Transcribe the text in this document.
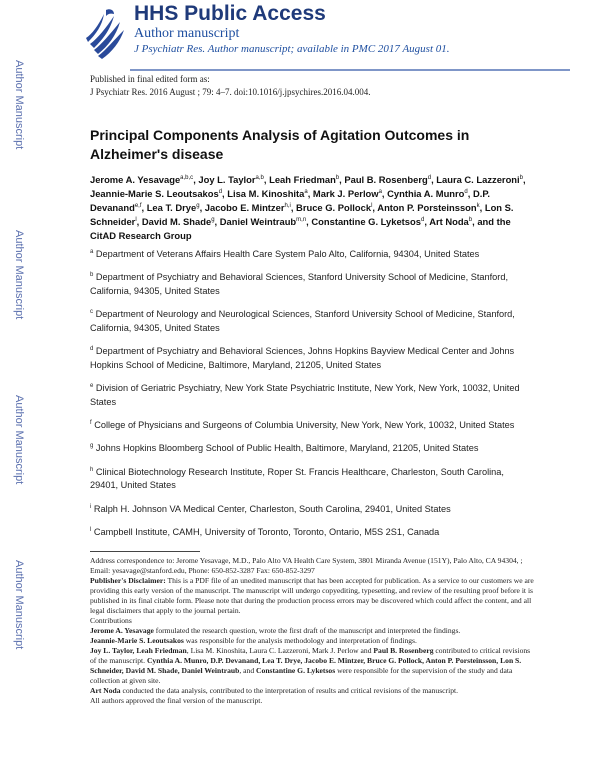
Author Manuscript
Author Manuscript
Author Manuscript
Author Manuscript
HHS Public Access
Author manuscript
J Psychiatr Res. Author manuscript; available in PMC 2017 August 01.
Published in final edited form as:
J Psychiatr Res. 2016 August ; 79: 4–7. doi:10.1016/j.jpsychires.2016.04.004.
Principal Components Analysis of Agitation Outcomes in Alzheimer's disease
Jerome A. Yesavage$^{a,b,c}$, Joy L. Taylor$^{a,b}$, Leah Friedman$^b$, Paul B. Rosenberg$^d$, Laura C. Lazzeroni$^b$, Jeannie-Marie S. Leoutsakos$^d$, Lisa M. Kinoshita$^a$, Mark J. Perlow$^a$, Cynthia A. Munro$^d$, D.P. Devanand$^{e,f}$, Lea T. Drye$^g$, Jacobo E. Mintzer$^{h,i}$, Bruce G. Pollock$^l$, Anton P. Porsteinsson$^k$, Lon S. Schneider$^l$, David M. Shade$^g$, Daniel Weintraub$^{m,n}$, Constantine G. Lyketsos$^d$, Art Noda$^b$, and the CitAD Research Group
$^a$ Department of Veterans Affairs Health Care System Palo Alto, California, 94304, United States
$^b$ Department of Psychiatry and Behavioral Sciences, Stanford University School of Medicine, Stanford, California, 94305, United States
$^c$ Department of Neurology and Neurological Sciences, Stanford University School of Medicine, Stanford, California, 94305, United States
$^d$ Department of Psychiatry and Behavioral Sciences, Johns Hopkins Bayview Medical Center and Johns Hopkins School of Medicine, Baltimore, Maryland, 21205, United States
$^e$ Division of Geriatric Psychiatry, New York State Psychiatric Institute, New York, New York, 10032, United States
$^f$ College of Physicians and Surgeons of Columbia University, New York, New York, 10032, United States
$^g$ Johns Hopkins Bloomberg School of Public Health, Baltimore, Maryland, 21205, United States
$^h$ Clinical Biotechnology Research Institute, Roper St. Francis Healthcare, Charleston, South Carolina, 29401, United States
$^i$ Ralph H. Johnson VA Medical Center, Charleston, South Carolina, 29401, United States
$^l$ Campbell Institute, CAMH, University of Toronto, Toronto, Ontario, M5S 2S1, Canada

Address correspondence to: Jerome Yesavage, M.D., Palo Alto VA Health Care System, 3801 Miranda Avenue (151Y), Palo Alto, CA 94304, ; Email: yesavage@stanford.edu, Phone: 650-852-3287 Fax: 650-852-3297

Publisher's Disclaimer: This is a PDF file of an unedited manuscript that has been accepted for publication. As a service to our customers we are providing this early version of the manuscript. The manuscript will undergo copyediting, typesetting, and review of the resulting proof before it is published in its final citable form. Please note that during the production process errors may be discovered which could affect the content, and all legal disclaimers that apply to the journal pertain.

Contributions

Jerome A. Yesavage formulated the research question, wrote the first draft of the manuscript and interpreted the findings.

Jeannie-Marie S. Leoutsakos was responsible for the analysis methodology and interpretation of findings.

Joy L. Taylor, Leah Friedman, Lisa M. Kinoshita, Laura C. Lazzeroni, Mark J. Perlow and Paul B. Rosenberg contributed to critical revisions of the manuscript. Cynthia A. Munro, D.P. Devanand, Lea T. Drye, Jacobo E. Mintzer, Bruce G. Pollock, Anton P. Porsteinsson, Lon S. Schneider, David M. Shade, Daniel Weintraub, and Constantine G. Lyketsos were responsible for the supervision of the study and data collection at given site.

Art Noda conducted the data analysis, contributed to the interpretation of results and critical revisions of the manuscript.

All authors approved the final version of the manuscript.
